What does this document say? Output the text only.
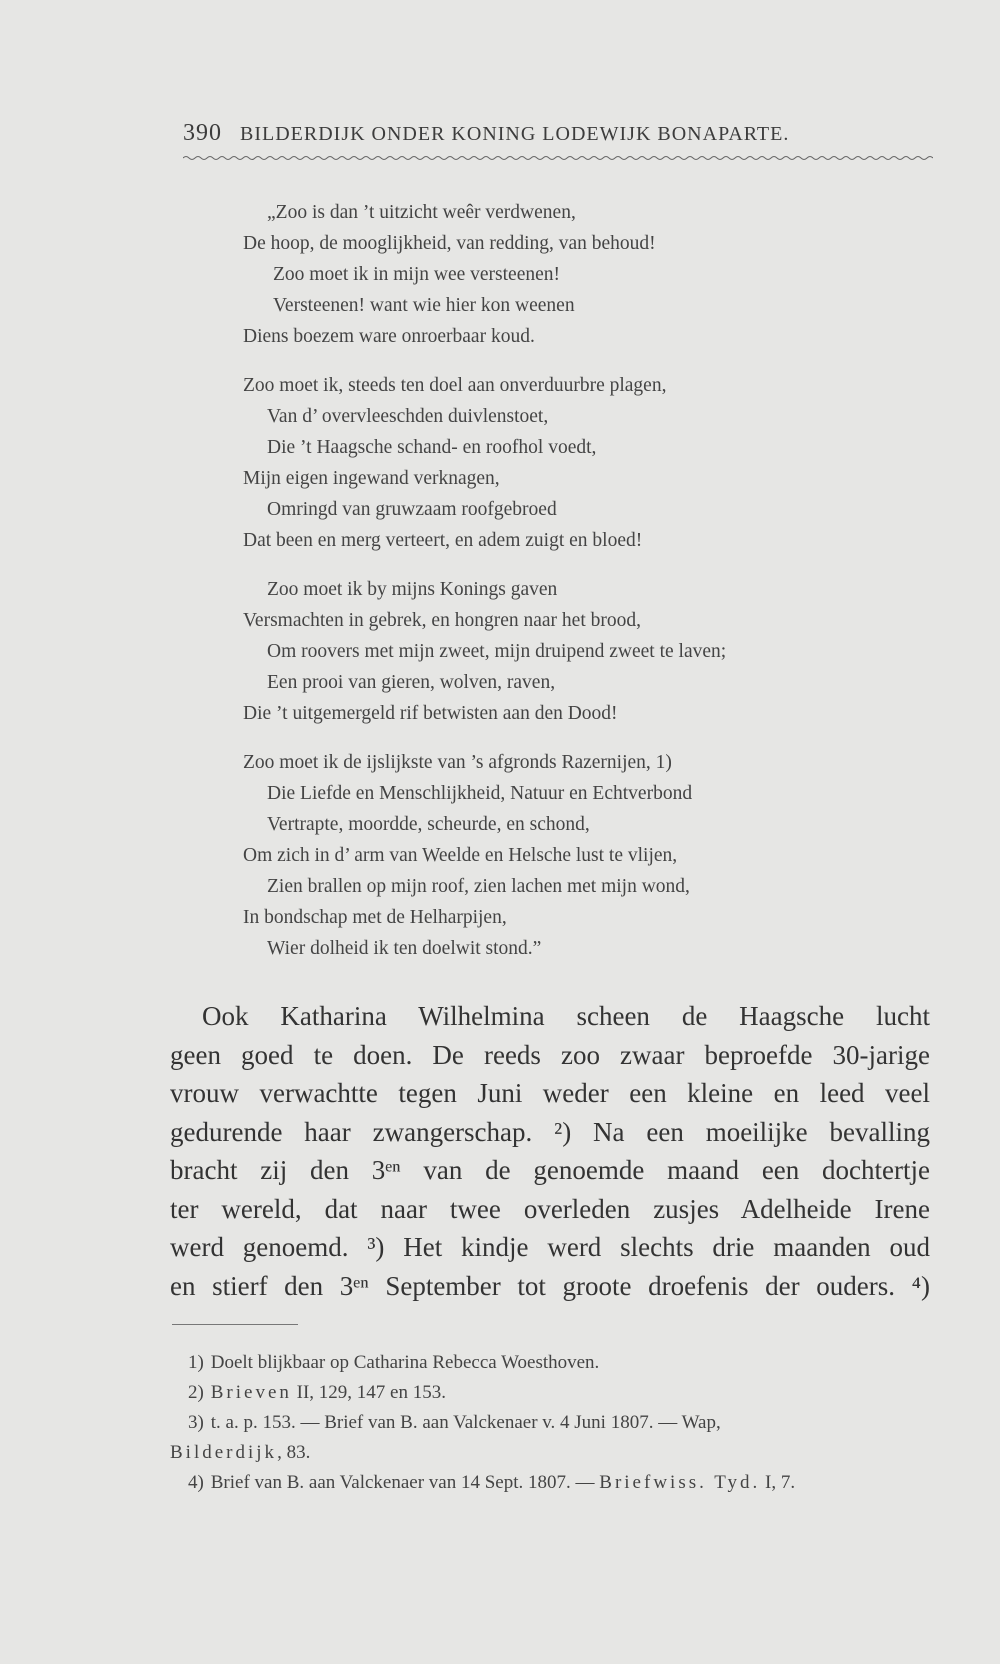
390 BILDERDIJK ONDER KONING LODEWIJK BONAPARTE.
„Zoo is dan ’t uitzicht weêr verdwenen,
De hoop, de mooglijkheid, van redding, van behoud!
Zoo moet ik in mijn wee versteenen!
Versteenen! want wie hier kon weenen
Diens boezem ware onroerbaar koud.
Zoo moet ik, steeds ten doel aan onverduurbre plagen,
Van d’ overvleeschden duivlenstoet,
Die ’t Haagsche schand- en roofhol voedt,
Mijn eigen ingewand verknagen,
Omringd van gruwzaam roofgebroed
Dat been en merg verteert, en adem zuigt en bloed!
Zoo moet ik by mijns Konings gaven
Versmachten in gebrek, en hongren naar het brood,
Om roovers met mijn zweet, mijn druipend zweet te laven;
Een prooi van gieren, wolven, raven,
Die ’t uitgemergeld rif betwisten aan den Dood!
Zoo moet ik de ijslijkste van ’s afgronds Razernijen, 1)
Die Liefde en Menschlijkheid, Natuur en Echtverbond
Vertrapte, moordde, scheurde, en schond,
Om zich in d’ arm van Weelde en Helsche lust te vlijen,
Zien brallen op mijn roof, zien lachen met mijn wond,
In bondschap met de Helharpijen,
Wier dolheid ik ten doelwit stond.”
Ook Katharina Wilhelmina scheen de Haagsche lucht
geen goed te doen. De reeds zoo zwaar beproefde 30-jarige
vrouw verwachtte tegen Juni weder een kleine en leed veel
gedurende haar zwangerschap. ²) Na een moeilijke bevalling
bracht zij den 3ᵉⁿ van de genoemde maand een dochtertje
ter wereld, dat naar twee overleden zusjes Adelheide Irene
werd genoemd. ³) Het kindje werd slechts drie maanden oud
en stierf den 3ᵉⁿ September tot groote droefenis der ouders. ⁴)
1) Doelt blijkbaar op Catharina Rebecca Woesthoven.
2) Brieven II, 129, 147 en 153.
3) t. a. p. 153. — Brief van B. aan Valckenaer v. 4 Juni 1807. — Wap,
Bilderdijk, 83.
4) Brief van B. aan Valckenaer van 14 Sept. 1807. — Briefwiss. Tyd. I, 7.
